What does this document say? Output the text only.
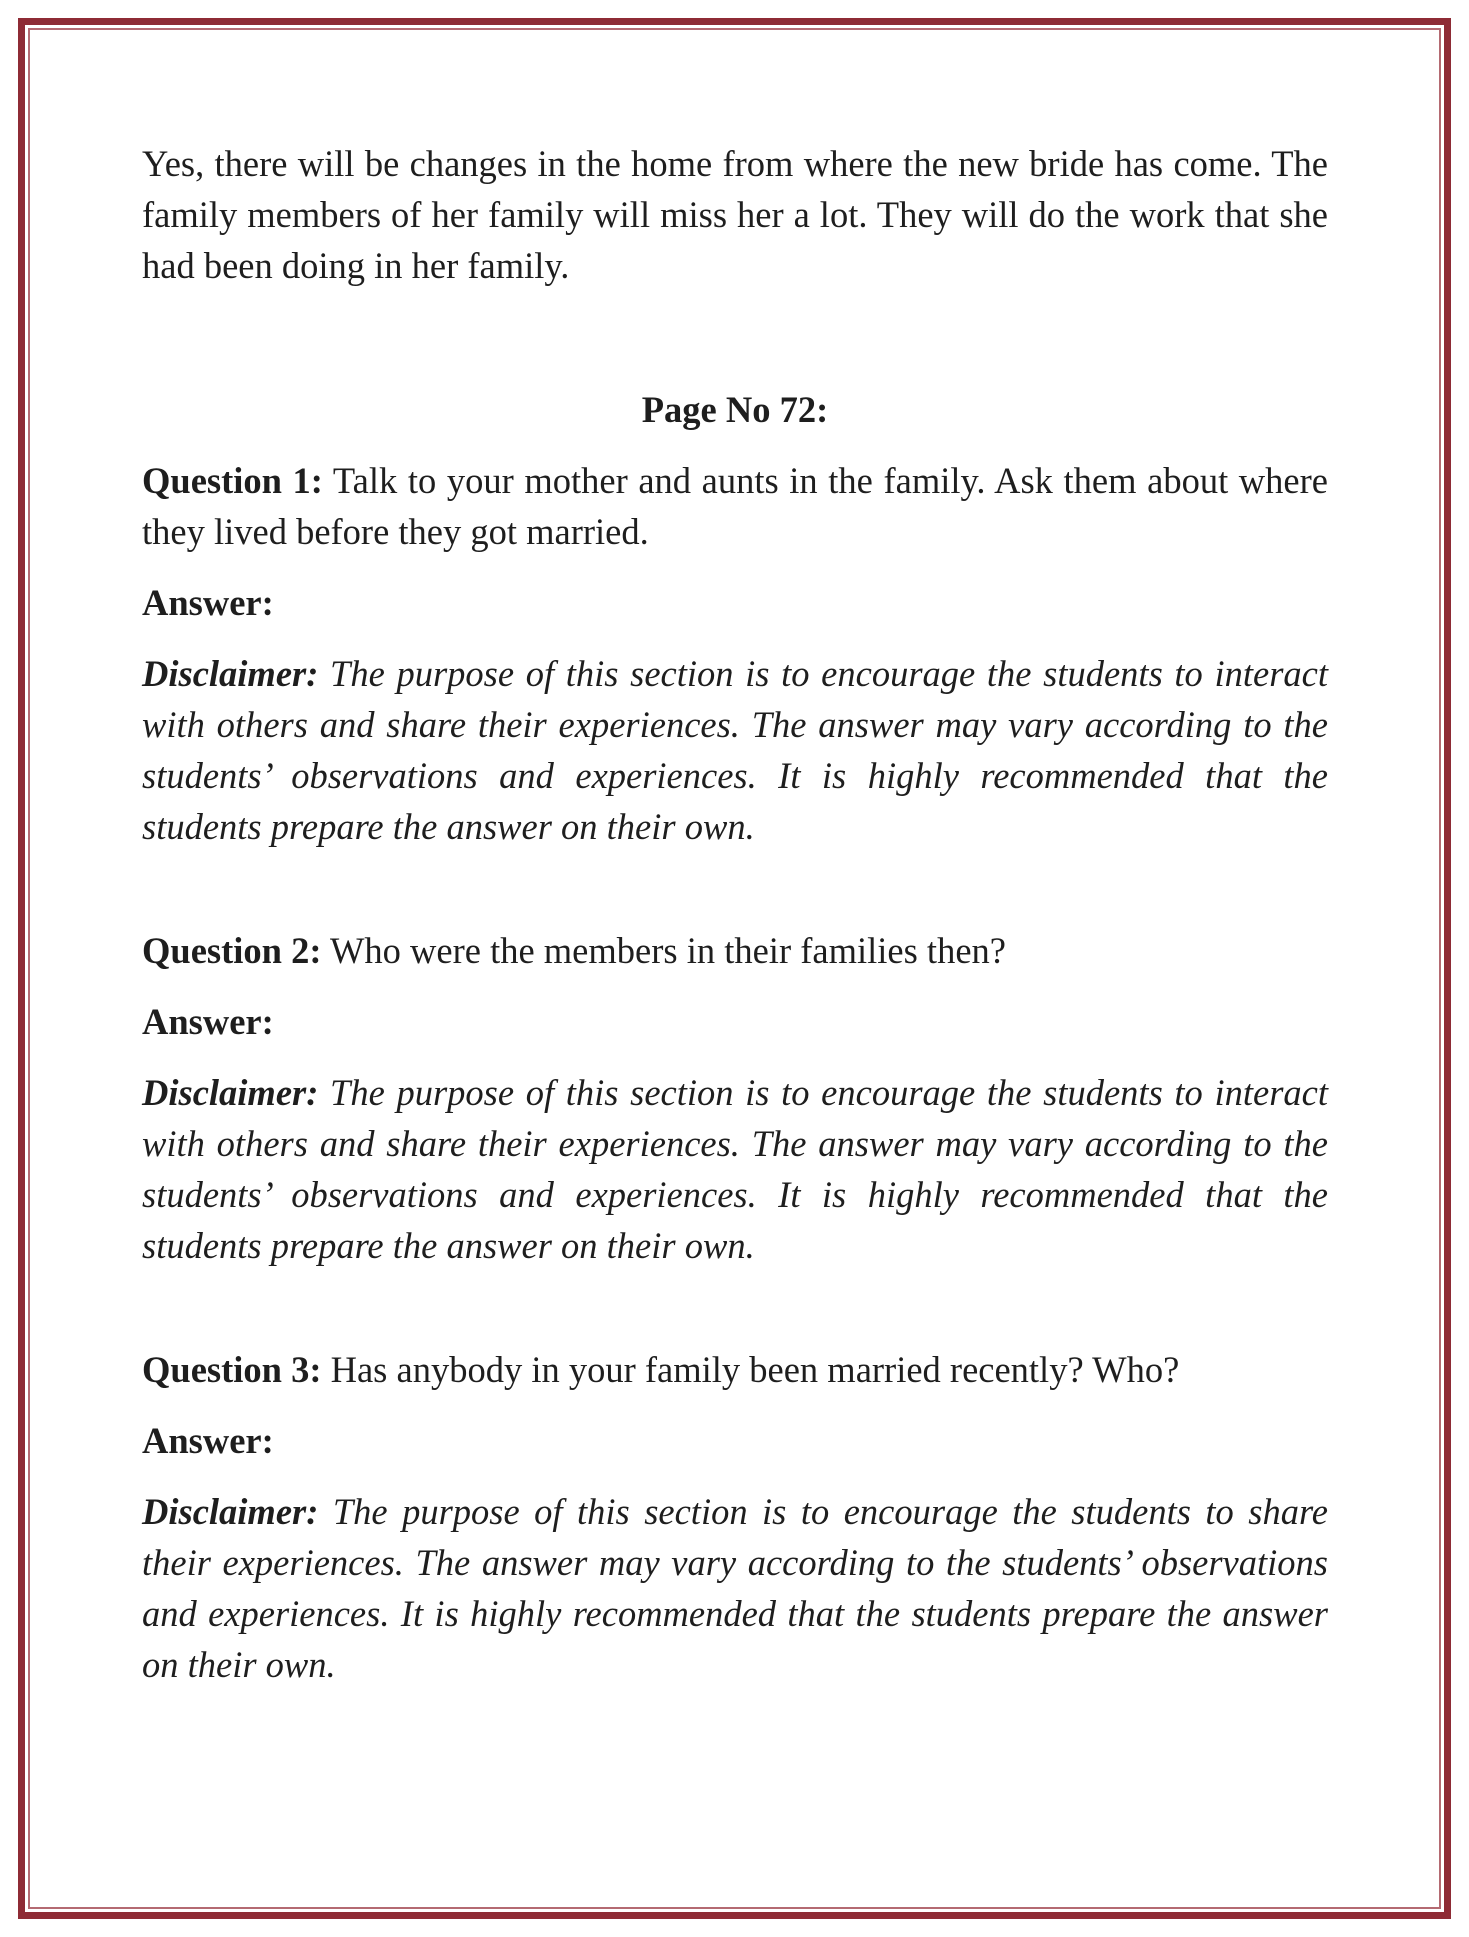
Yes, there will be changes in the home from where the new bride has come. The family members of her family will miss her a lot. They will do the work that she had been doing in her family.

Page No 72:

Question 1: Talk to your mother and aunts in the family. Ask them about where they lived before they got married.

Answer:

Disclaimer: The purpose of this section is to encourage the students to interact with others and share their experiences. The answer may vary according to the students’ observations and experiences. It is highly recommended that the students prepare the answer on their own.

Question 2: Who were the members in their families then?

Answer:

Disclaimer: The purpose of this section is to encourage the students to interact with others and share their experiences. The answer may vary according to the students’ observations and experiences. It is highly recommended that the students prepare the answer on their own.

Question 3: Has anybody in your family been married recently? Who?

Answer:

Disclaimer: The purpose of this section is to encourage the students to share their experiences. The answer may vary according to the students’ observations and experiences. It is highly recommended that the students prepare the answer on their own.
